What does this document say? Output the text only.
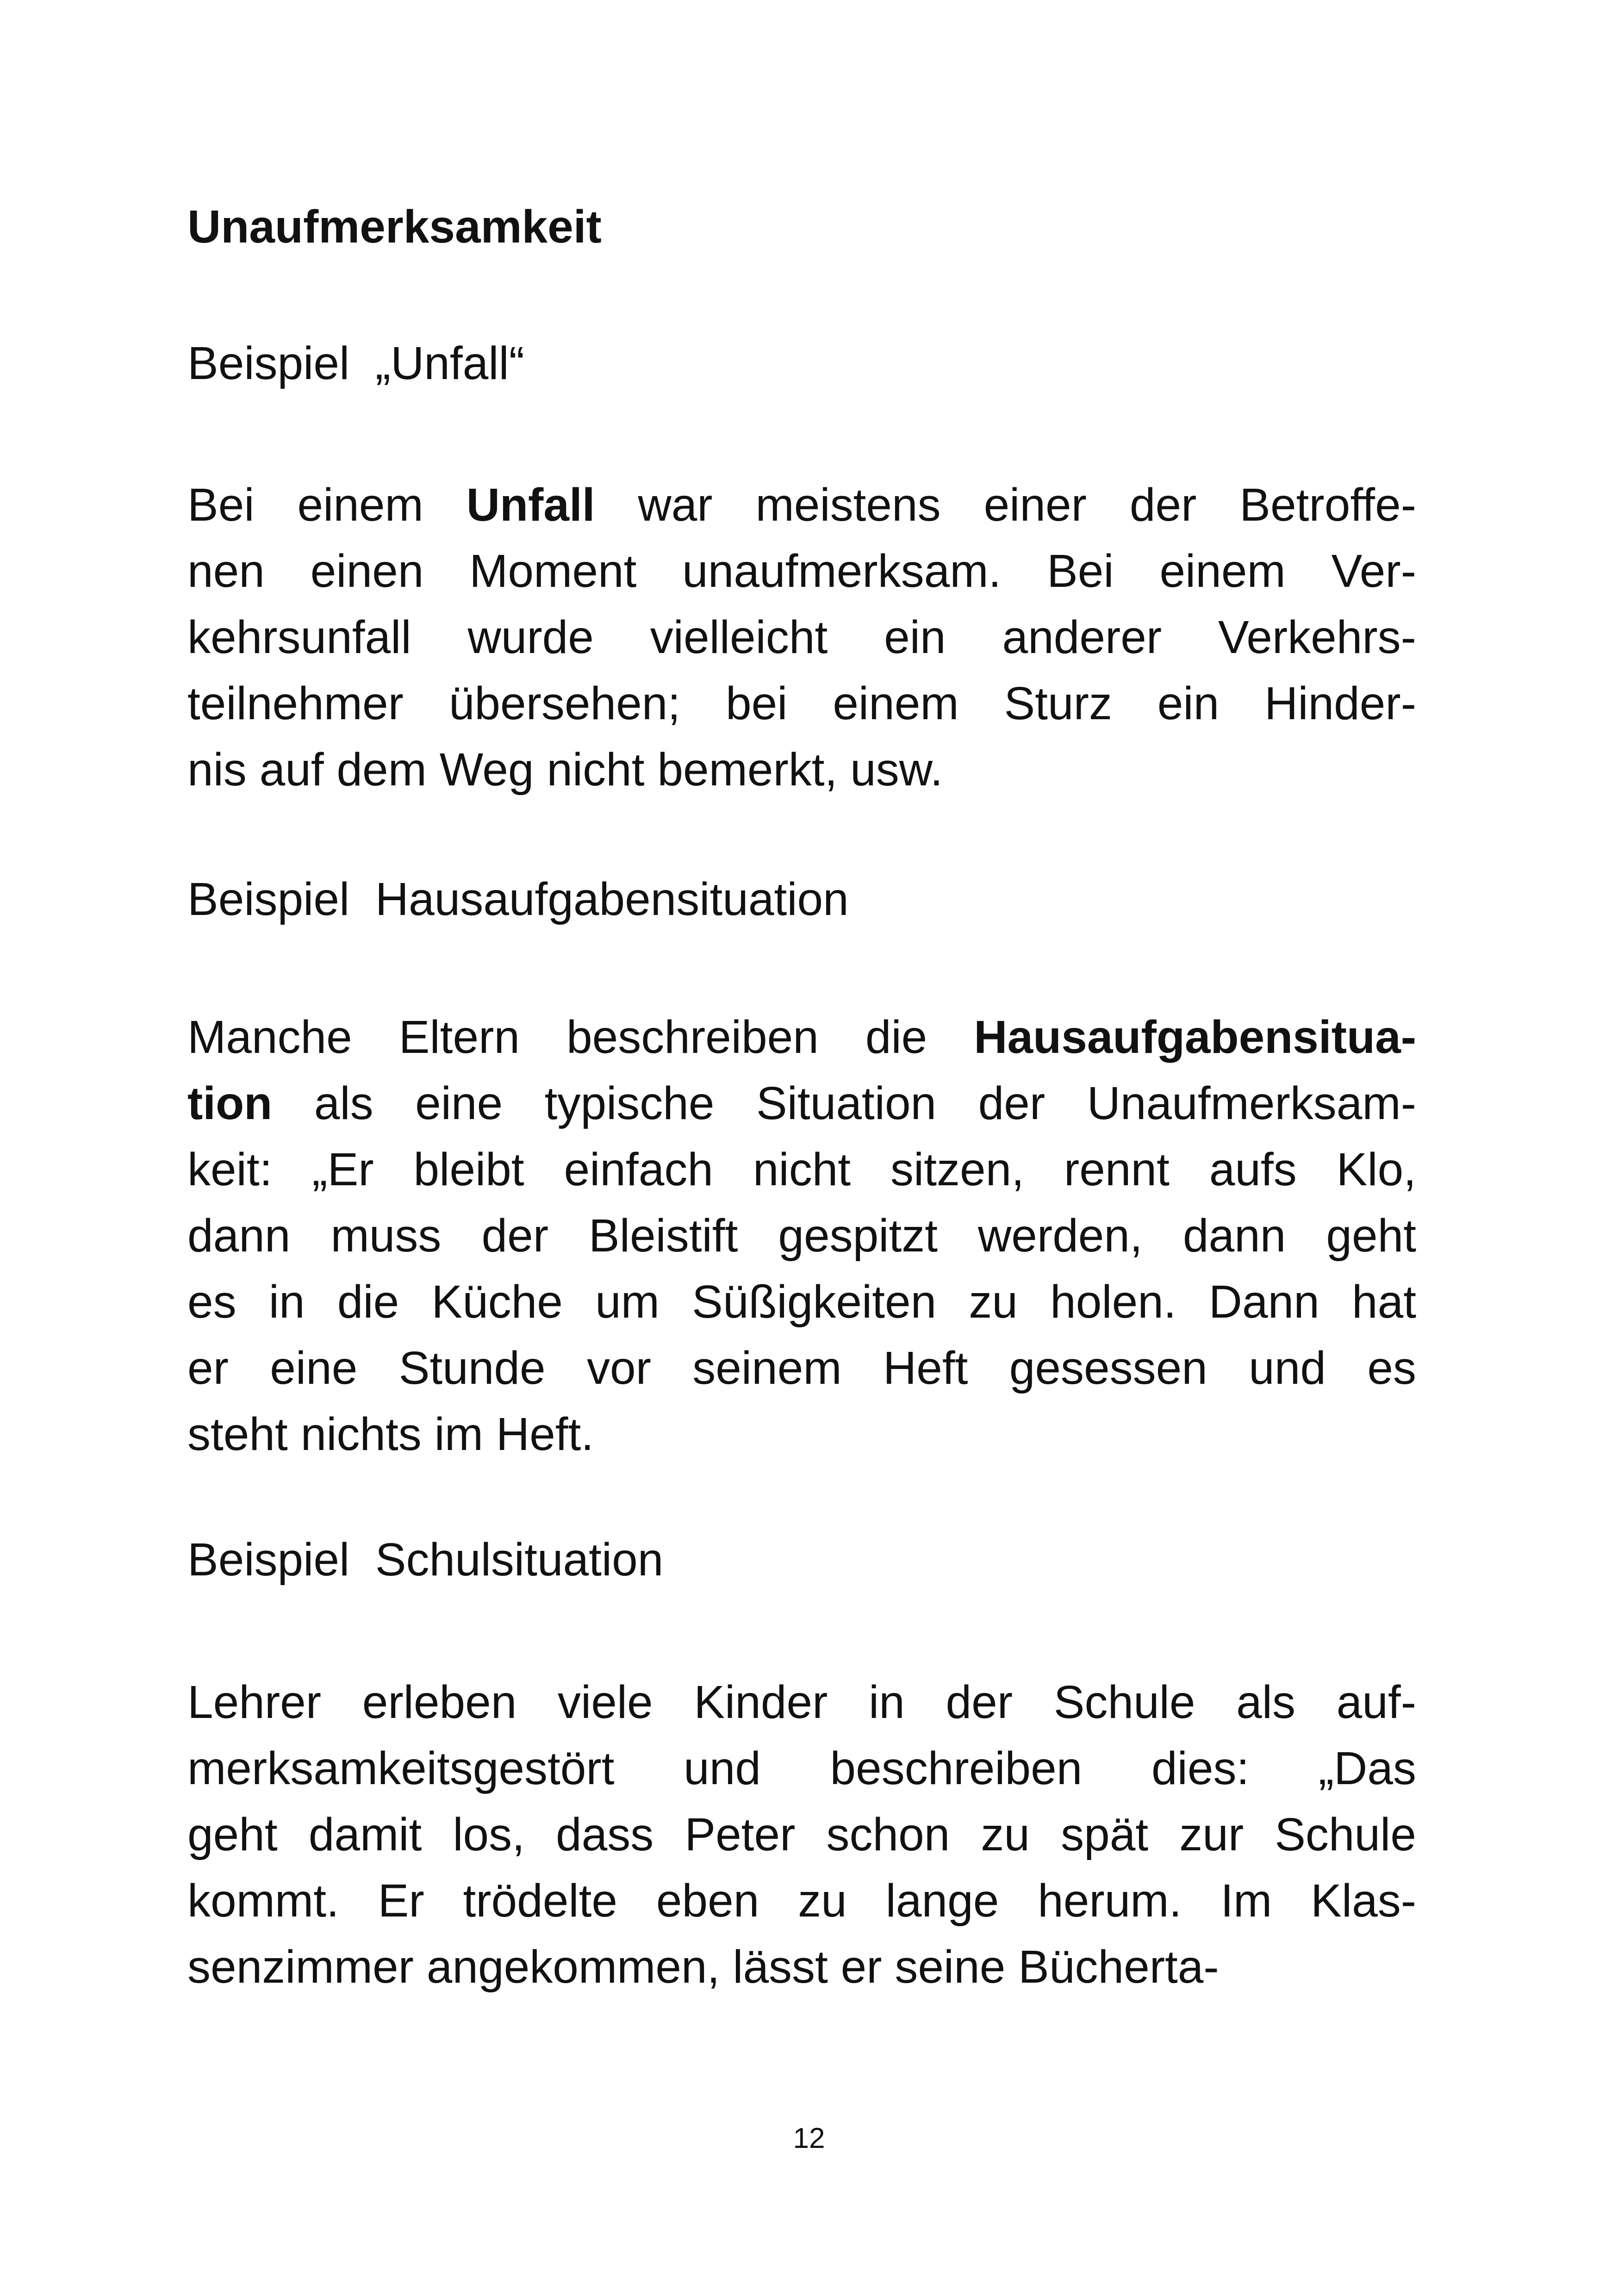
Unaufmerksamkeit
Beispiel  „Unfall“
Bei einem Unfall war meistens einer der Betroffe-
nen einen Moment unaufmerksam. Bei einem Ver-
kehrsunfall wurde vielleicht ein anderer Verkehrs-
teilnehmer übersehen; bei einem Sturz ein Hinder-
nis auf dem Weg nicht bemerkt, usw.
Beispiel  Hausaufgabensituation
Manche Eltern beschreiben die Hausaufgabensitua-
tion als eine typische Situation der Unaufmerksam-
keit: „Er bleibt einfach nicht sitzen, rennt aufs Klo,
dann muss der Bleistift gespitzt werden, dann geht
es in die Küche um Süßigkeiten zu holen. Dann hat
er eine Stunde vor seinem Heft gesessen und es
steht nichts im Heft.
Beispiel  Schulsituation
Lehrer erleben viele Kinder in der Schule als auf-
merksamkeitsgestört und beschreiben dies: „Das
geht damit los, dass Peter schon zu spät zur Schule
kommt. Er trödelte eben zu lange herum. Im Klas-
senzimmer angekommen, lässt er seine Bücherta-
12
